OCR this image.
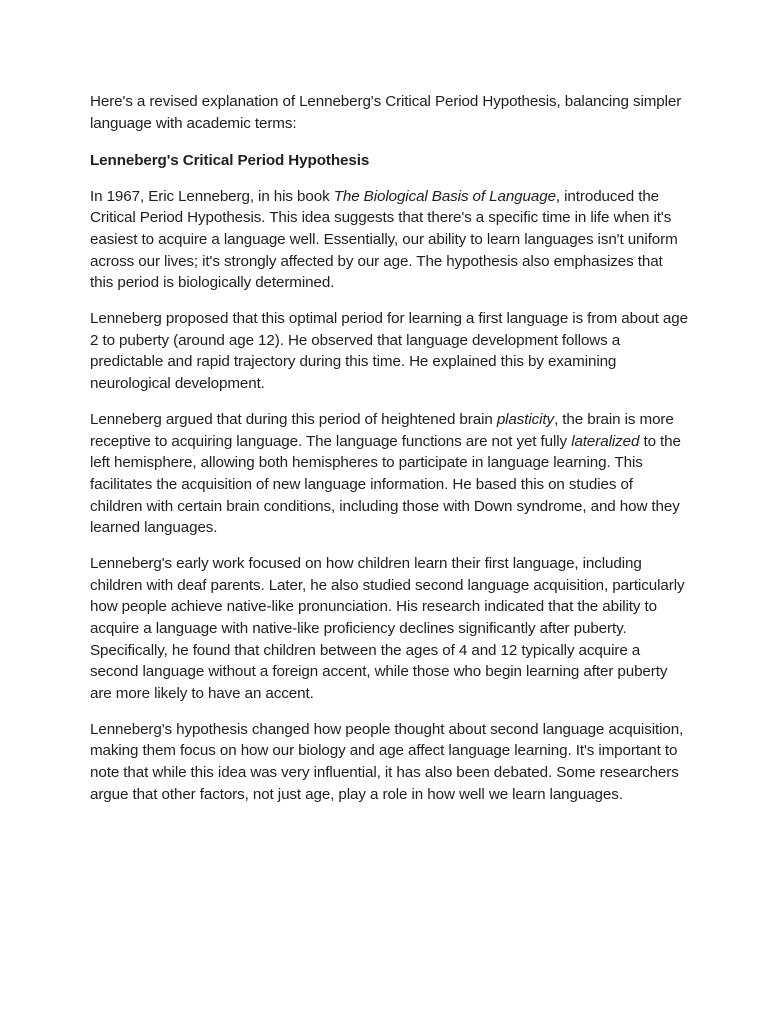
Here's a revised explanation of Lenneberg's Critical Period Hypothesis, balancing simpler language with academic terms:

Lenneberg's Critical Period Hypothesis

In 1967, Eric Lenneberg, in his book The Biological Basis of Language, introduced the Critical Period Hypothesis. This idea suggests that there's a specific time in life when it's easiest to acquire a language well. Essentially, our ability to learn languages isn't uniform across our lives; it's strongly affected by our age. The hypothesis also emphasizes that this period is biologically determined.

Lenneberg proposed that this optimal period for learning a first language is from about age 2 to puberty (around age 12). He observed that language development follows a predictable and rapid trajectory during this time. He explained this by examining neurological development.

Lenneberg argued that during this period of heightened brain plasticity, the brain is more receptive to acquiring language. The language functions are not yet fully lateralized to the left hemisphere, allowing both hemispheres to participate in language learning. This facilitates the acquisition of new language information. He based this on studies of children with certain brain conditions, including those with Down syndrome, and how they learned languages.

Lenneberg's early work focused on how children learn their first language, including children with deaf parents. Later, he also studied second language acquisition, particularly how people achieve native-like pronunciation. His research indicated that the ability to acquire a language with native-like proficiency declines significantly after puberty. Specifically, he found that children between the ages of 4 and 12 typically acquire a second language without a foreign accent, while those who begin learning after puberty are more likely to have an accent.

Lenneberg's hypothesis changed how people thought about second language acquisition, making them focus on how our biology and age affect language learning. It's important to note that while this idea was very influential, it has also been debated. Some researchers argue that other factors, not just age, play a role in how well we learn languages.
